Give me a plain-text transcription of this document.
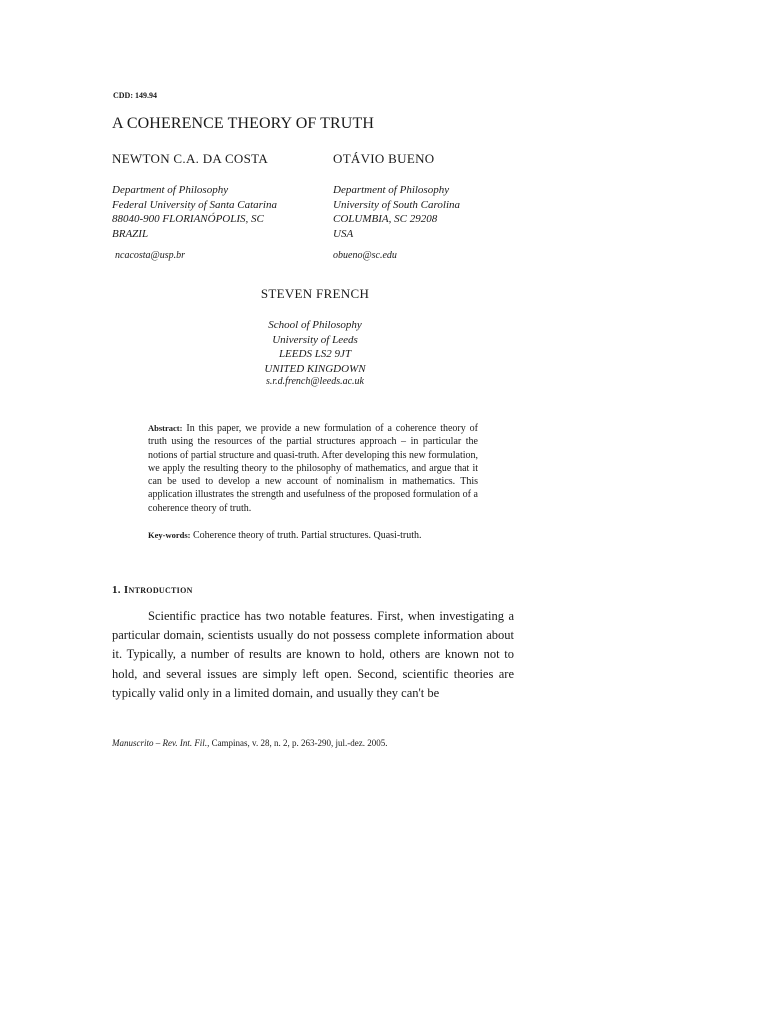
CDD: 149.94
A COHERENCE THEORY OF TRUTH
NEWTON C.A. DA COSTA
Department of Philosophy
Federal University of Santa Catarina
88040-900 FLORIANÓPOLIS, SC
BRAZIL
ncacosta@usp.br
OTÁVIO BUENO
Department of Philosophy
University of South Carolina
COLUMBIA, SC 29208
USA
obueno@sc.edu
STEVEN FRENCH
School of Philosophy
University of Leeds
LEEDS LS2 9JT
UNITED KINGDOWN
s.r.d.french@leeds.ac.uk
Abstract: In this paper, we provide a new formulation of a coherence theory of truth using the resources of the partial structures approach – in particular the notions of partial structure and quasi-truth. After developing this new formulation, we apply the resulting theory to the philosophy of mathematics, and argue that it can be used to develop a new account of nominalism in mathematics. This application illustrates the strength and usefulness of the proposed formulation of a coherence theory of truth.
Key-words: Coherence theory of truth. Partial structures. Quasi-truth.
1. Introduction

Scientific practice has two notable features. First, when investigating a particular domain, scientists usually do not possess complete information about it. Typically, a number of results are known to hold, others are known not to hold, and several issues are simply left open. Second, scientific theories are typically valid only in a limited domain, and usually they can't be

Manuscrito – Rev. Int. Fil., Campinas, v. 28, n. 2, p. 263-290, jul.-dez. 2005.
